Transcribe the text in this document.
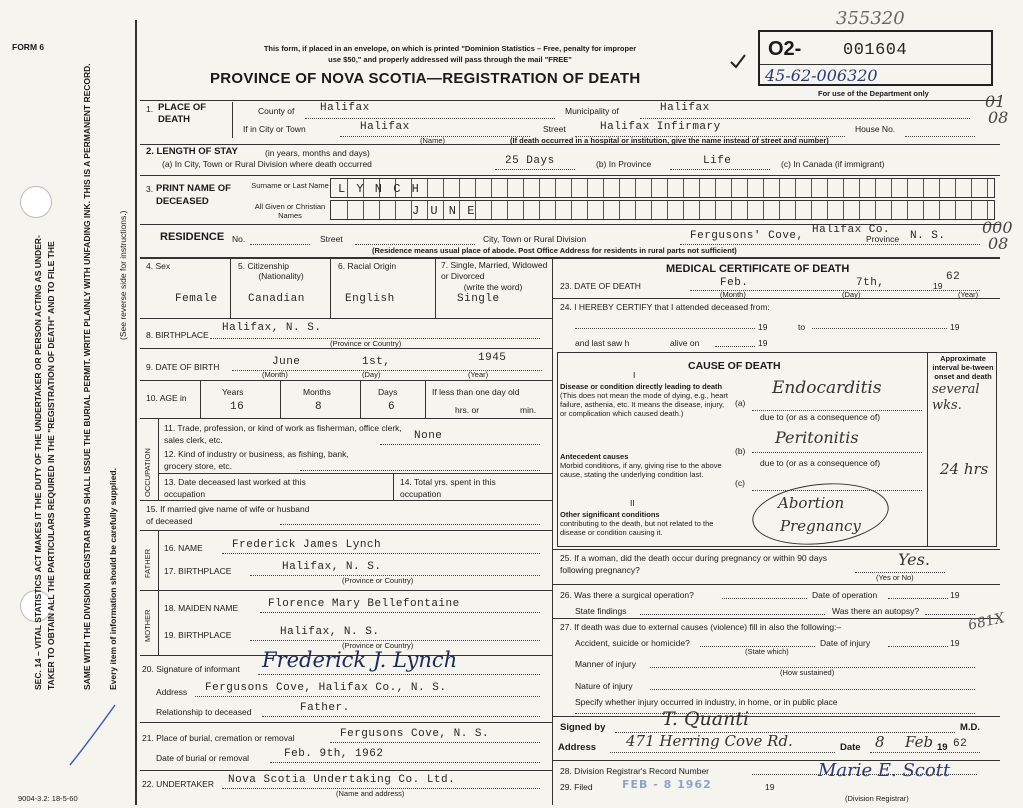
FORM 6
9004-3.2: 18-5-60
SEC. 14 – VITAL STATISTICS ACT MAKES IT THE DUTY OF THE UNDERTAKER OR PERSON ACTING AS UNDER- TAKER TO OBTAIN ALL THE PARTICULARS REQUIRED IN THE "REGISTRATION OF DEATH" AND TO FILE THE	SAME WITH THE DIVISION REGISTRAR WHO SHALL ISSUE THE BURIAL PERMIT. WRITE PLAINLY WITH UNFADING INK. THIS IS A PERMANENT RECORD. Every item of information should be carefully supplied.
(See reverse side for instructions.)
This form, if placed in an envelope, on which is printed "Dominion Statistics – Free, penalty for improper
use $50," and properly addressed will pass through the mail "FREE"
PROVINCE OF NOVA SCOTIA—REGISTRATION OF DEATH
O2- 001604
45-62-006320
For use of the Department only
355320
01
08
000
08
1. PLACE OF DEATH
County of Halifax	Municipality of	Halifax
If in City or Town	Halifax
(Name)
Street	Halifax Infirmary	House No.
(If death occurred in a hospital or institution, give the name instead of street and number)
2. LENGTH OF STAY	(in years, months and days)
(a) In City, Town or Rural Division where death occurred	25 Days	(b) In Province	Life	(c) In Canada (if immigrant)
3. PRINT NAME OF DECEASED
Surname or Last Name
All Given or Christian Names
L Y N C H
J U N E
RESIDENCE No.	Street	City, Town or Rural Division	Fergusons' Cove, Halifax Co.
Province N. S.
(Residence means usual place of abode. Post Office Address for residents in rural parts not sufficient)
4. Sex
Female
5. Citizenship
(Nationality)
Canadian
6. Racial Origin
English
7. Single, Married, Widowed or Divorced
(write the word)
Single
8. BIRTHPLACE
Halifax, N. S.
(Province or Country)
9. DATE OF BIRTH	June	1st,	1945
(Month)	(Day)	(Year)
10. AGE in
Years
16
Months
8
Days
6
If less than one day old
hrs. or	min.
OCCUPATION
11. Trade, profession, or kind of work as fisherman, office clerk, sales clerk, etc.	None
12. Kind of industry or business, as fishing, bank, grocery store, etc.
13. Date deceased last worked at this occupation
14. Total yrs. spent in this occupation
15. If married give name of wife or husband of deceased
FATHER
16. NAME	Frederick James Lynch
17. BIRTHPLACE	Halifax, N. S.
(Province or Country)
MOTHER
18. MAIDEN NAME	Florence Mary Bellefontaine
19. BIRTHPLACE	Halifax, N. S.
(Province or Country)
20. Signature of informant Frederick J. Lynch
Address Fergusons Cove, Halifax Co., N. S.
Relationship to deceased	Father.
21. Place of burial, cremation or removal	Fergusons Cove, N. S.
Date of burial or removal	Feb. 9th, 1962
22. UNDERTAKER Nova Scotia Undertaking Co. Ltd.
(Name and address)
MEDICAL CERTIFICATE OF DEATH
23. DATE OF DEATH	Feb.	7th,	19
62
(Month)	(Day)	(Year)
24. I HEREBY CERTIFY that I attended deceased from:
19	to	19
and last saw h	alive on	19
CAUSE OF DEATH
Approximate interval be-tween onset and death
I
II
Disease or condition directly leading to death (This does not mean the mode of dying, e.g., heart failure, asthenia, etc. It means the disease, injury, or complication which caused death.)
(a)
Endocarditis	several wks.
due to (or as a consequence of)
Antecedent causes
Morbid conditions, if any, giving rise to the above cause, stating the underlying condition last.
(b)
Peritonitis
due to (or as a consequence of)	24 hrs
(c)
Other significant conditions
contributing to the death, but not related to the disease or condition causing it.
Abortion
Pregnancy
25. If a woman, did the death occur during pregnancy or within 90 days following pregnancy?
Yes.
(Yes or No)
26. Was there a surgical operation?	Date of operation	19
State findings	Was there an autopsy?
27. If death was due to external causes (violence) fill in also the following:–
Accident, suicide or homicide?	Date of injury	19
(State which)
Manner of injury
(How sustained)
Nature of injury
Specify whether injury occurred in industry, in home, or in public place
681X
Signed by	T. Quanti	M.D.
Address 471 Herring Cove Rd.	Date 8 Feb 19 62
28. Division Registrar's Record Number
29. Filed	FEB - 8 1962	19
Marie E. Scott
(Division Registrar)
